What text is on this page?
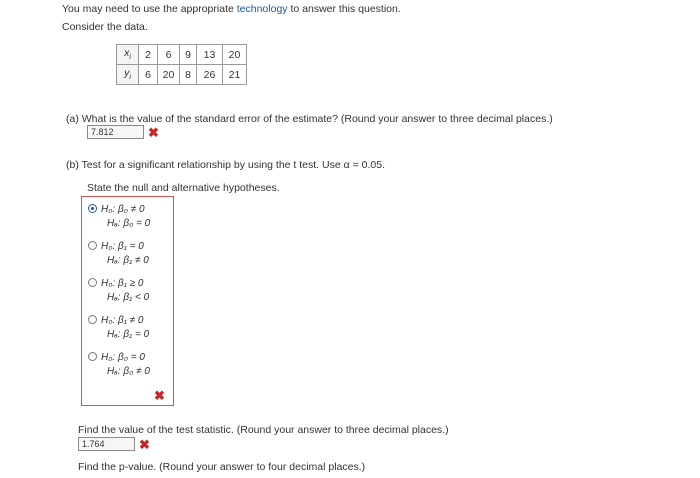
You may need to use the appropriate technology to answer this question.
Consider the data.
$x_i$	2	6	9	13	20
$y_i$	6	20	8	26	21
(a) What is the value of the standard error of the estimate? (Round your answer to three decimal places.)
7.812	✖
(b) Test for a significant relationship by using the t test. Use α = 0.05.
State the null and alternative hypotheses.
H₀: β₀ ≠ 0
Hₐ: β₀ = 0
H₀: β₁ = 0
Hₐ: β₁ ≠ 0
H₀: β₁ ≥ 0
Hₐ: β₁ < 0
H₀: β₁ ≠ 0
Hₐ: β₁ = 0
H₀: β₀ = 0
Hₐ: β₀ ≠ 0
✖
Find the value of the test statistic. (Round your answer to three decimal places.)
1.764	✖
Find the p-value. (Round your answer to four decimal places.)
